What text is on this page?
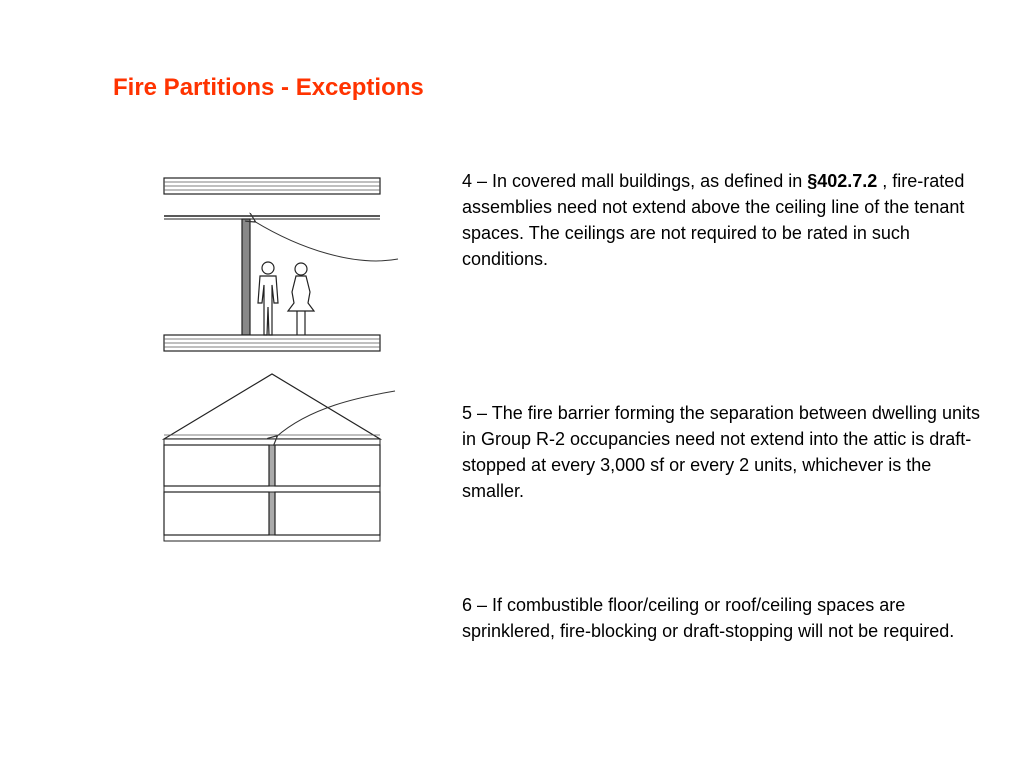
Fire Partitions - Exceptions
4 – In covered mall buildings, as defined in §402.7.2 , fire-rated assemblies need not extend above the ceiling line of the tenant spaces. The ceilings are not required to be rated in such conditions.
5 – The fire barrier forming the separation between dwelling units in Group R-2 occupancies need not extend into the attic is draft-stopped at every 3,000 sf or every 2 units, whichever is the smaller.
6 – If combustible floor/ceiling or roof/ceiling spaces are sprinklered, fire-blocking or draft-stopping will not be required.
